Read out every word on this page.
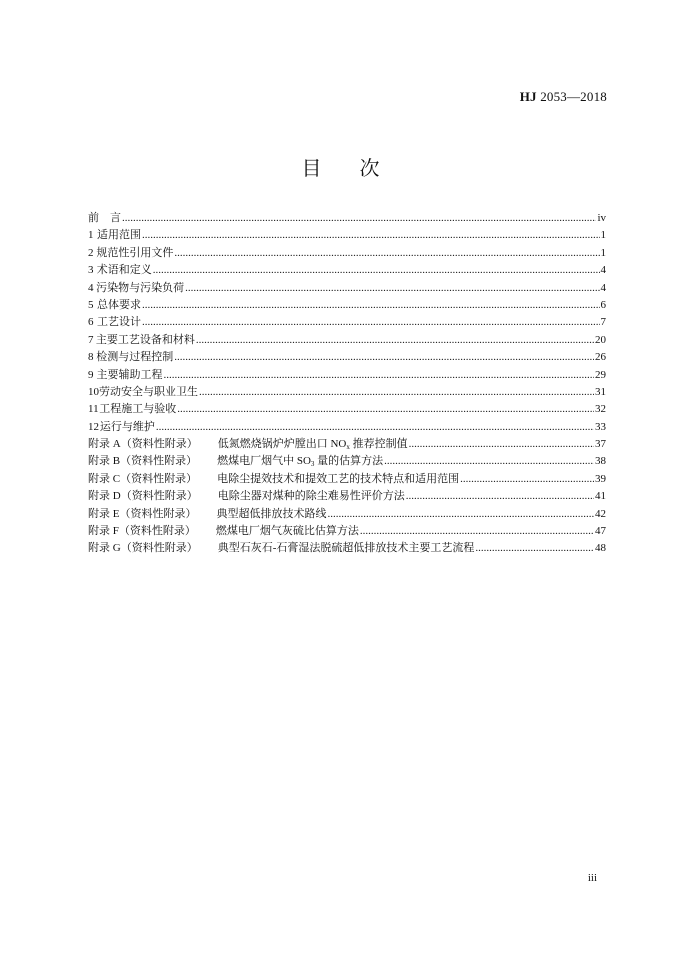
HJ 2053—2018
目次
前　言 .....	iv
1 适用范围 .....	1
2 规范性引用文件 .....	1
3 术语和定义 .....	4
4 污染物与污染负荷 .....	4
5 总体要求 .....	6
6 工艺设计 .....	7
7 主要工艺设备和材料 .....	20
8 检测与过程控制 .....	26
9 主要辅助工程 .....	29
10 劳动安全与职业卫生 .....	31
11 工程施工与验收 .....	32
12 运行与维护 .....	33
附录 A（资料性附录） 低氮燃烧锅炉炉膛出口 $NO_x$ 推荐控制值 .....	37
附录 B（资料性附录） 燃煤电厂烟气中 $SO_3$ 量的估算方法 .....	38
附录 C（资料性附录） 电除尘提效技术和提效工艺的技术特点和适用范围 .....	39
附录 D（资料性附录） 电除尘器对煤种的除尘难易性评价方法 .....	41
附录 E（资料性附录） 典型超低排放技术路线 .....	42
附录 F（资料性附录） 燃煤电厂烟气灰硫比估算方法 .....	47
附录 G（资料性附录） 典型石灰石-石膏湿法脱硫超低排放技术主要工艺流程 .....	48
iii
